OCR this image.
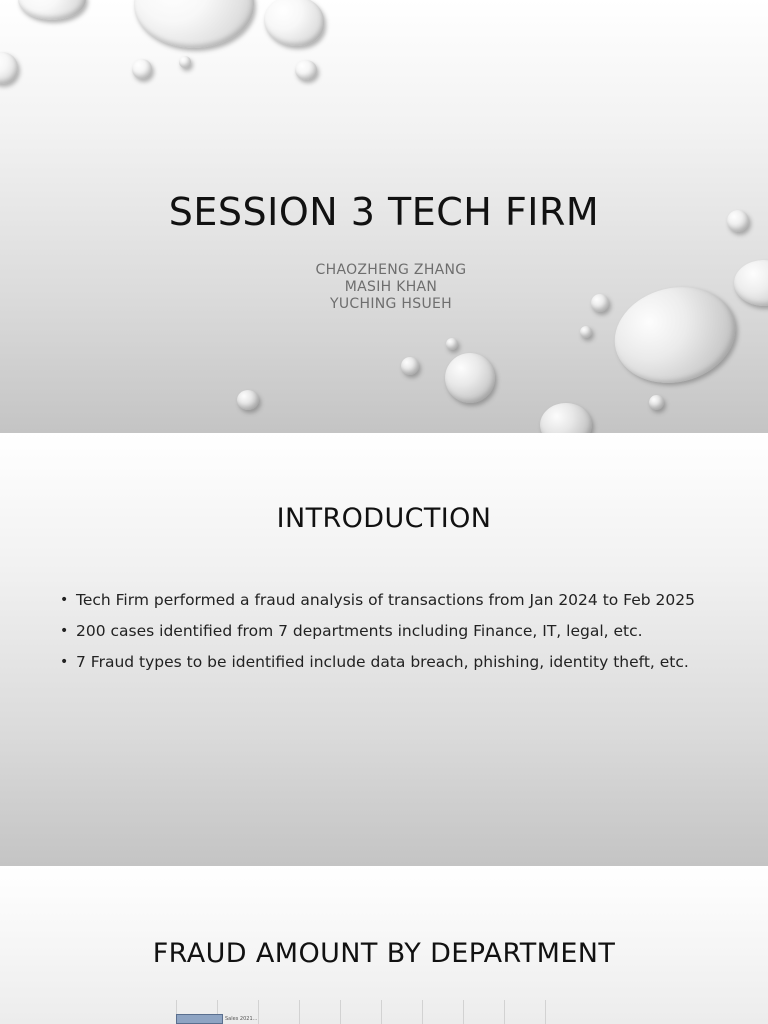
SESSION 3 TECH FIRM
CHAOZHENG ZHANG
MASIH KHAN
YUCHING HSUEH
INTRODUCTION
• Tech Firm performed a fraud analysis of transactions from Jan 2024 to Feb 2025
• 200 cases identified from 7 departments including Finance, IT, legal, etc.
• 7 Fraud types to be identified include data breach, phishing, identity theft, etc.
FRAUD AMOUNT BY DEPARTMENT
Sales 2021...
